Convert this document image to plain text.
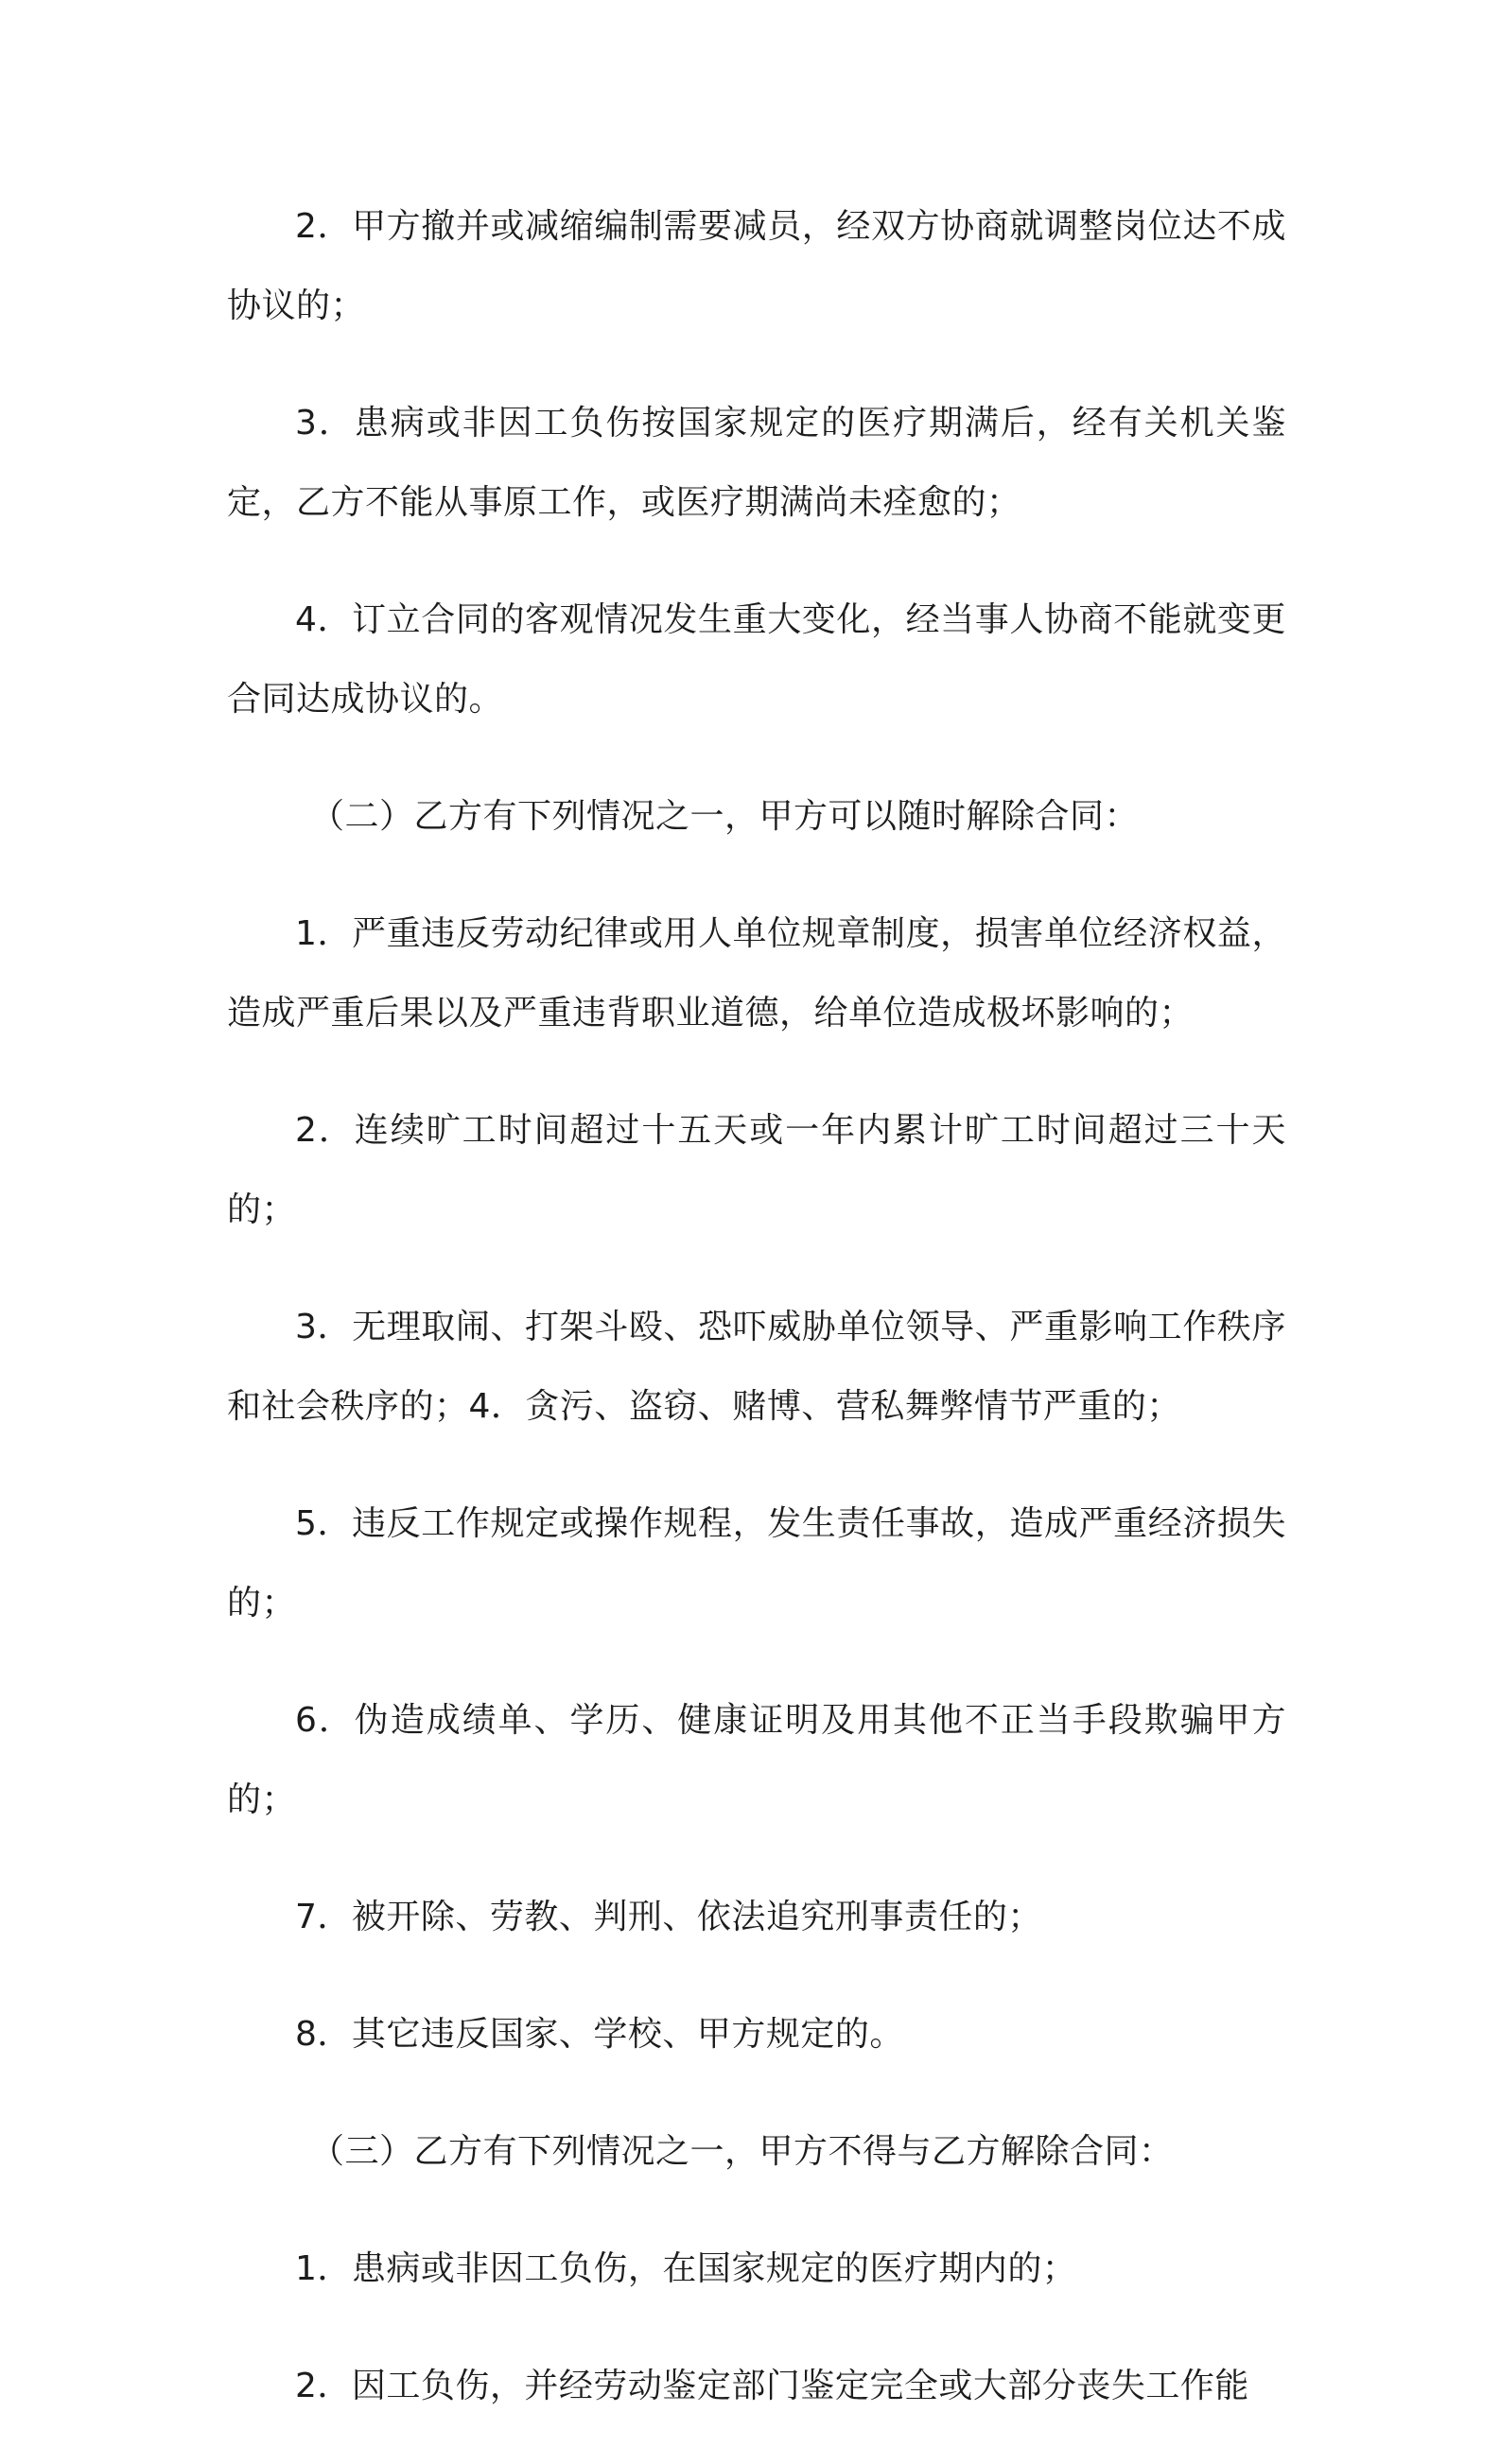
2．甲方撤并或减缩编制需要减员，经双方协商就调整岗位达不成协议的；

3．患病或非因工负伤按国家规定的医疗期满后，经有关机关鉴定，乙方不能从事原工作，或医疗期满尚未痊愈的；

4．订立合同的客观情况发生重大变化，经当事人协商不能就变更合同达成协议的。

（二）乙方有下列情况之一，甲方可以随时解除合同：

1．严重违反劳动纪律或用人单位规章制度，损害单位经济权益，造成严重后果以及严重违背职业道德，给单位造成极坏影响的；

2．连续旷工时间超过十五天或一年内累计旷工时间超过三十天的；

3．无理取闹、打架斗殴、恐吓威胁单位领导、严重影响工作秩序和社会秩序的；4．贪污、盗窃、赌博、营私舞弊情节严重的；

5．违反工作规定或操作规程，发生责任事故，造成严重经济损失的；

6．伪造成绩单、学历、健康证明及用其他不正当手段欺骗甲方的；

7．被开除、劳教、判刑、依法追究刑事责任的；

8．其它违反国家、学校、甲方规定的。

（三）乙方有下列情况之一，甲方不得与乙方解除合同：

1．患病或非因工负伤，在国家规定的医疗期内的；

2．因工负伤，并经劳动鉴定部门鉴定完全或大部分丧失工作能
